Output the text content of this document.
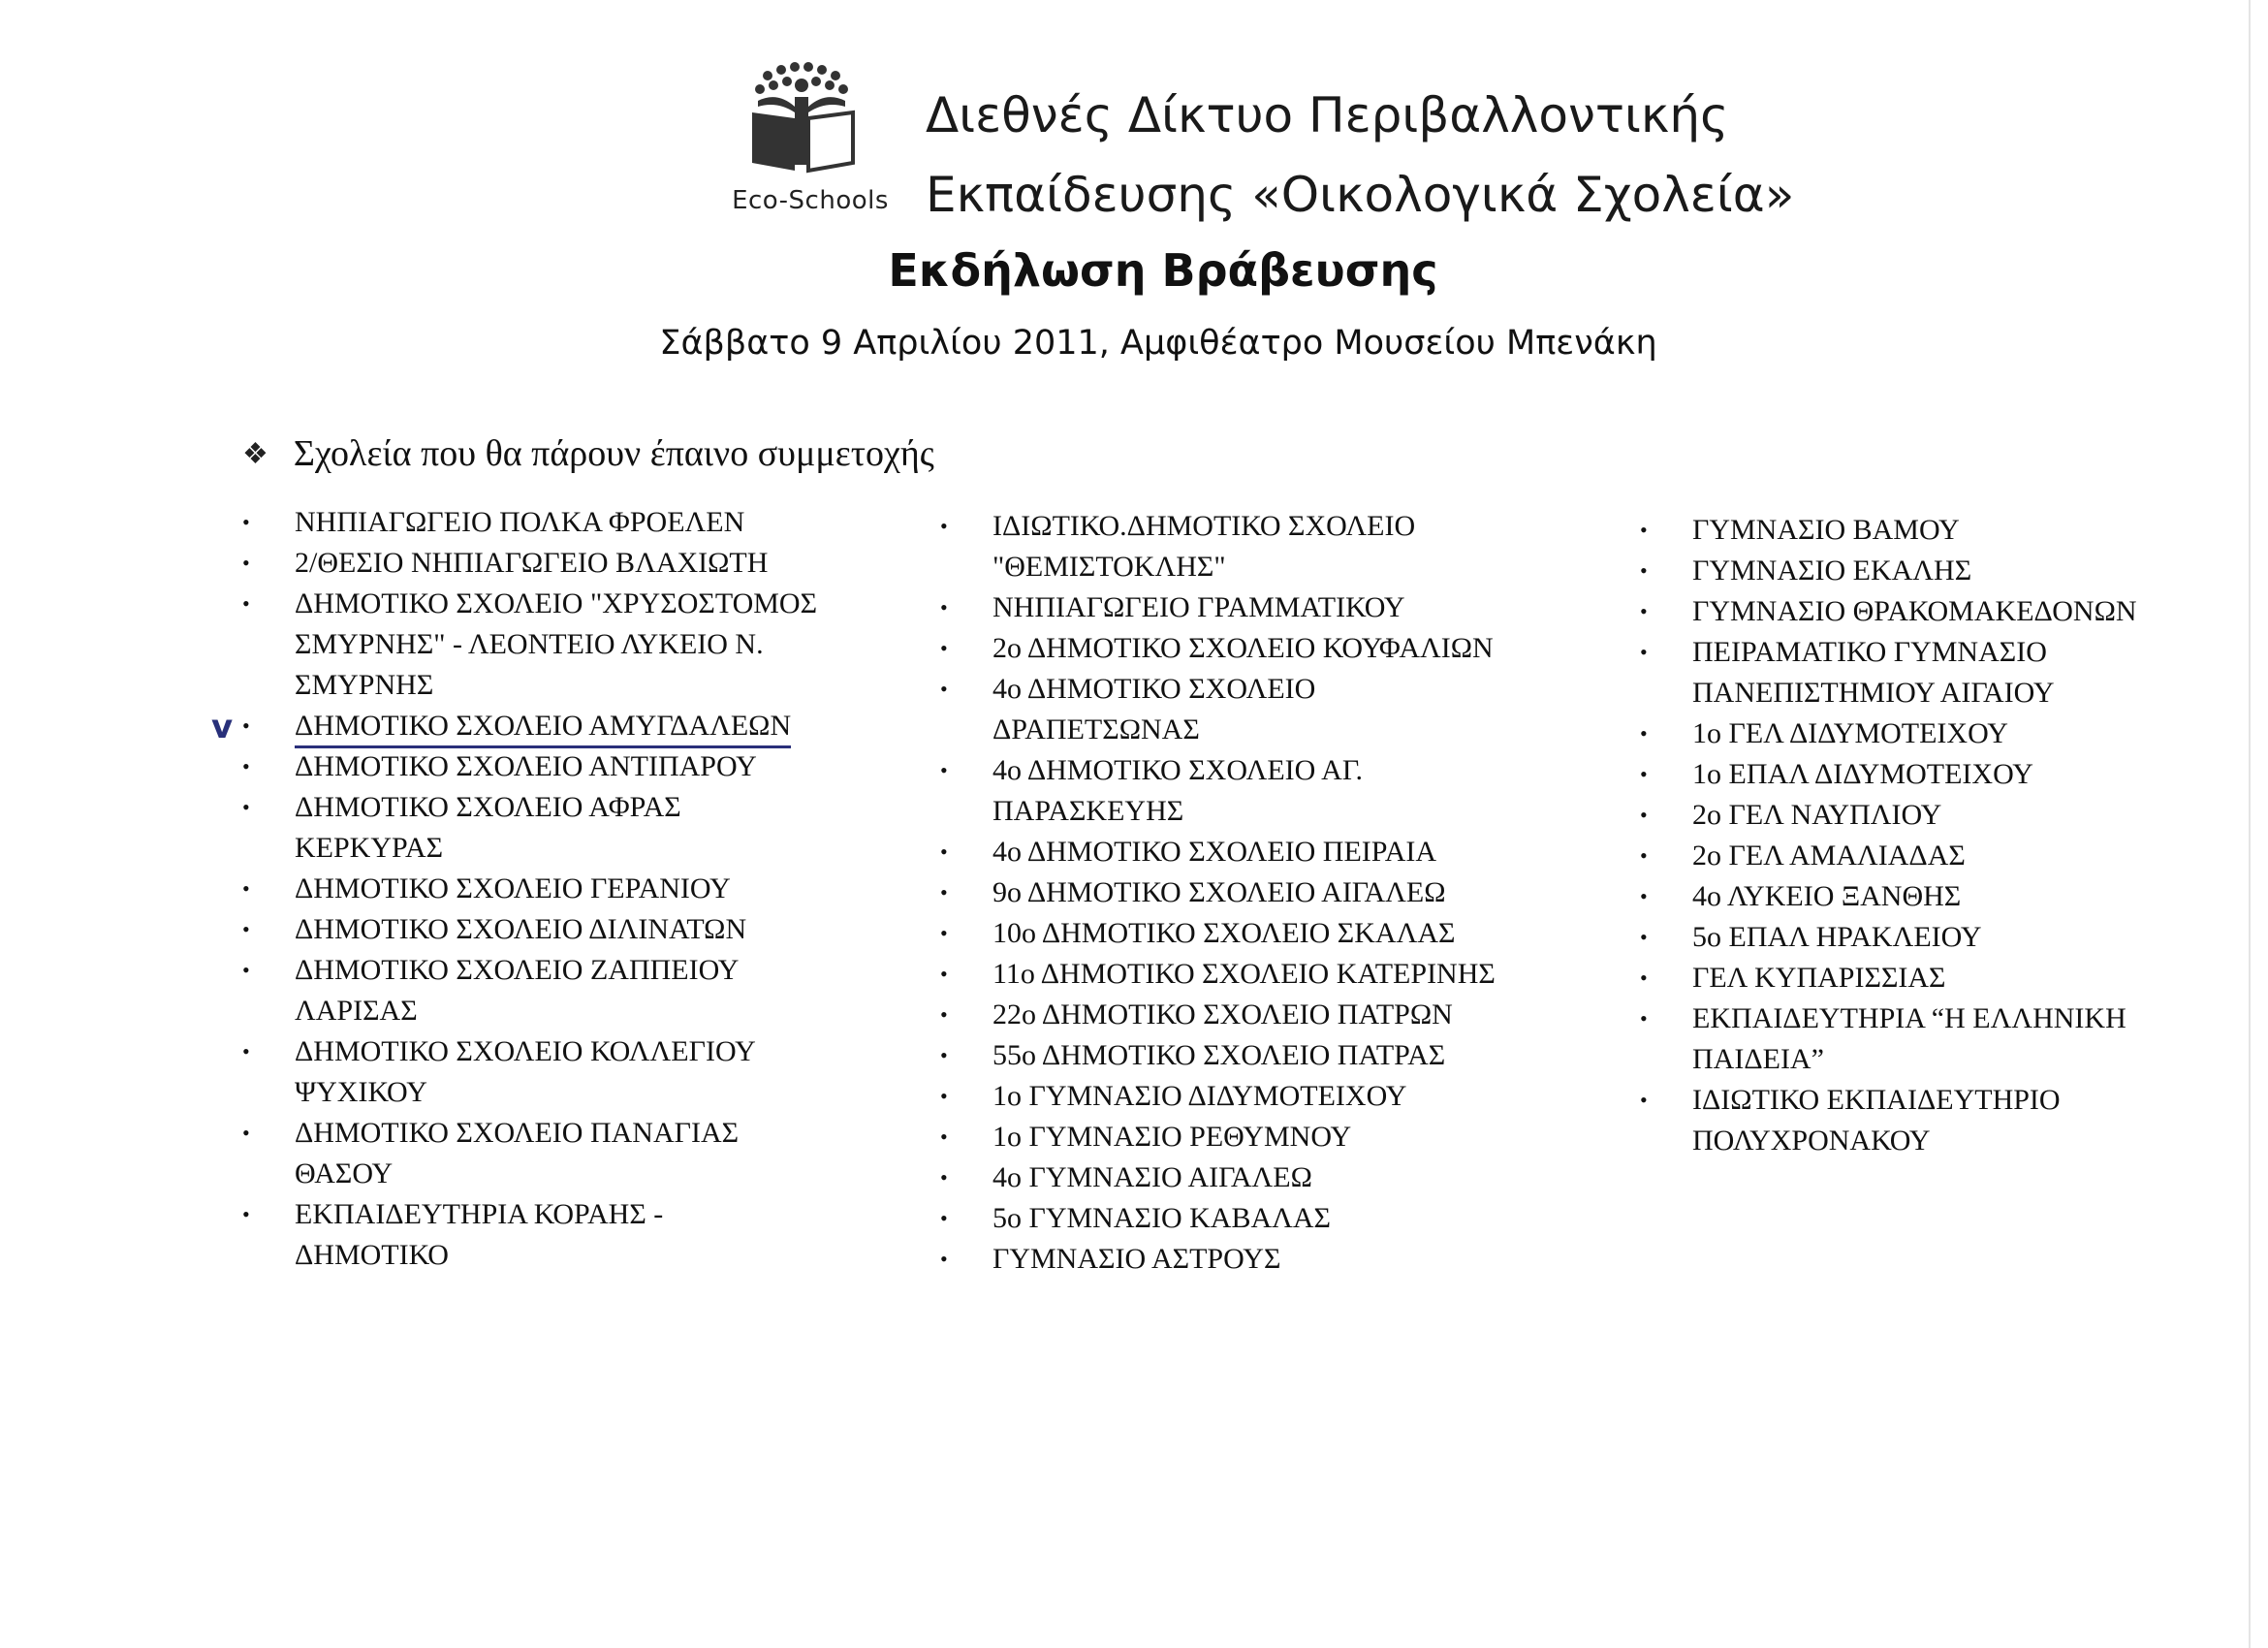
Eco-Schools
Διεθνές Δίκτυο Περιβαλλοντικής
Εκπαίδευσης «Οικολογικά Σχολεία»
Εκδήλωση Βράβευσης
Σάββατο 9 Απριλίου 2011, Αμφιθέατρο Μουσείου Μπενάκη
❖ Σχολεία που θα πάρουν έπαινο συμμετοχής
v
• ΝΗΠΙΑΓΩΓΕΙΟ ΠΟΛΚΑ ΦΡΟΕΛΕΝ
• 2/ΘΕΣΙΟ ΝΗΠΙΑΓΩΓΕΙΟ ΒΛΑΧΙΩΤΗ
• ΔΗΜΟΤΙΚΟ ΣΧΟΛΕΙΟ "ΧΡΥΣΟΣΤΟΜΟΣ
ΣΜΥΡΝΗΣ" - ΛΕΟΝΤΕΙΟ ΛΥΚΕΙΟ Ν.
ΣΜΥΡΝΗΣ
• ΔΗΜΟΤΙΚΟ ΣΧΟΛΕΙΟ ΑΜΥΓΔΑΛΕΩΝ
• ΔΗΜΟΤΙΚΟ ΣΧΟΛΕΙΟ ΑΝΤΙΠΑΡΟΥ
• ΔΗΜΟΤΙΚΟ ΣΧΟΛΕΙΟ ΑΦΡΑΣ
ΚΕΡΚΥΡΑΣ
• ΔΗΜΟΤΙΚΟ ΣΧΟΛΕΙΟ ΓΕΡΑΝΙΟΥ
• ΔΗΜΟΤΙΚΟ ΣΧΟΛΕΙΟ ΔΙΛΙΝΑΤΩΝ
• ΔΗΜΟΤΙΚΟ ΣΧΟΛΕΙΟ ΖΑΠΠΕΙΟΥ
ΛΑΡΙΣΑΣ
• ΔΗΜΟΤΙΚΟ ΣΧΟΛΕΙΟ ΚΟΛΛΕΓΙΟΥ
ΨΥΧΙΚΟΥ
• ΔΗΜΟΤΙΚΟ ΣΧΟΛΕΙΟ ΠΑΝΑΓΙΑΣ
ΘΑΣΟΥ
• ΕΚΠΑΙΔΕΥΤΗΡΙΑ ΚΟΡΑΗΣ -
ΔΗΜΟΤΙΚΟ
• ΙΔΙΩΤΙΚΟ.ΔΗΜΟΤΙΚΟ ΣΧΟΛΕΙΟ
"ΘΕΜΙΣΤΟΚΛΗΣ"
• ΝΗΠΙΑΓΩΓΕΙΟ ΓΡΑΜΜΑΤΙΚΟΥ
• 2ο ΔΗΜΟΤΙΚΟ ΣΧΟΛΕΙΟ ΚΟΥΦΑΛΙΩΝ
• 4ο ΔΗΜΟΤΙΚΟ ΣΧΟΛΕΙΟ
ΔΡΑΠΕΤΣΩΝΑΣ
• 4ο ΔΗΜΟΤΙΚΟ ΣΧΟΛΕΙΟ ΑΓ.
ΠΑΡΑΣΚΕΥΗΣ
• 4ο ΔΗΜΟΤΙΚΟ ΣΧΟΛΕΙΟ ΠΕΙΡΑΙΑ
• 9ο ΔΗΜΟΤΙΚΟ ΣΧΟΛΕΙΟ ΑΙΓΑΛΕΩ
• 10ο ΔΗΜΟΤΙΚΟ ΣΧΟΛΕΙΟ ΣΚΑΛΑΣ
• 11ο ΔΗΜΟΤΙΚΟ ΣΧΟΛΕΙΟ ΚΑΤΕΡΙΝΗΣ
• 22ο ΔΗΜΟΤΙΚΟ ΣΧΟΛΕΙΟ ΠΑΤΡΩΝ
• 55ο ΔΗΜΟΤΙΚΟ ΣΧΟΛΕΙΟ ΠΑΤΡΑΣ
• 1ο ΓΥΜΝΑΣΙΟ ΔΙΔΥΜΟΤΕΙΧΟΥ
• 1ο ΓΥΜΝΑΣΙΟ ΡΕΘΥΜΝΟΥ
• 4ο ΓΥΜΝΑΣΙΟ ΑΙΓΑΛΕΩ
• 5ο ΓΥΜΝΑΣΙΟ ΚΑΒΑΛΑΣ
• ΓΥΜΝΑΣΙΟ ΑΣΤΡΟΥΣ
• ΓΥΜΝΑΣΙΟ ΒΑΜΟΥ
• ΓΥΜΝΑΣΙΟ ΕΚΑΛΗΣ
• ΓΥΜΝΑΣΙΟ ΘΡΑΚΟΜΑΚΕΔΟΝΩΝ
• ΠΕΙΡΑΜΑΤΙΚΟ ΓΥΜΝΑΣΙΟ
ΠΑΝΕΠΙΣΤΗΜΙΟΥ ΑΙΓΑΙΟΥ
• 1ο ΓΕΛ ΔΙΔΥΜΟΤΕΙΧΟΥ
• 1ο ΕΠΑΛ ΔΙΔΥΜΟΤΕΙΧΟΥ
• 2ο ΓΕΛ ΝΑΥΠΛΙΟΥ
• 2ο ΓΕΛ ΑΜΑΛΙΑΔΑΣ
• 4ο ΛΥΚΕΙΟ ΞΑΝΘΗΣ
• 5ο ΕΠΑΛ ΗΡΑΚΛΕΙΟΥ
• ΓΕΛ ΚΥΠΑΡΙΣΣΙΑΣ
• ΕΚΠΑΙΔΕΥΤΗΡΙΑ “Η ΕΛΛΗΝΙΚΗ
ΠΑΙΔΕΙΑ”
• ΙΔΙΩΤΙΚΟ ΕΚΠΑΙΔΕΥΤΗΡΙΟ
ΠΟΛΥΧΡΟΝΑΚΟΥ
